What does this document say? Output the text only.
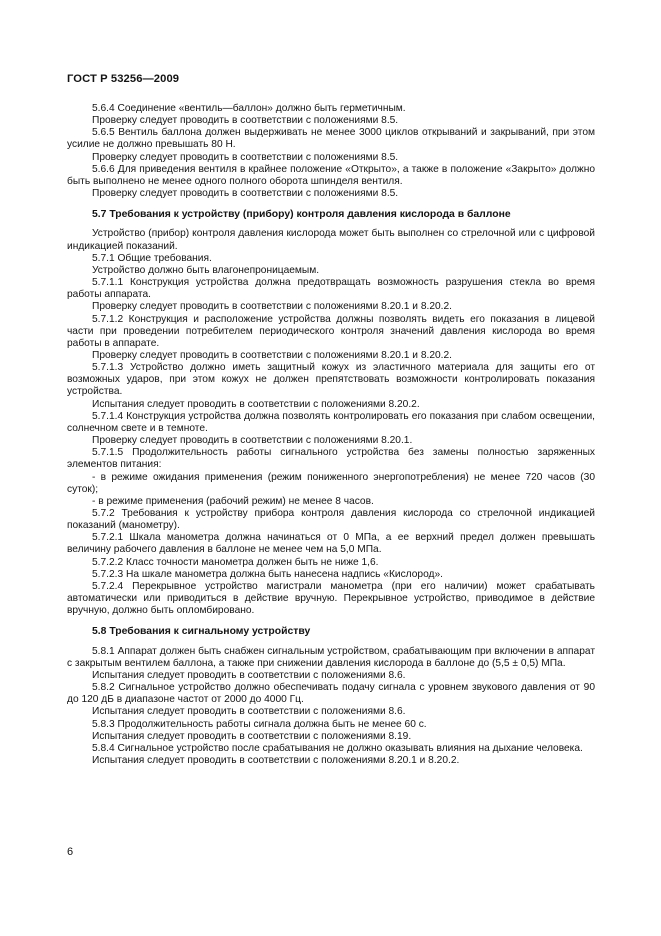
ГОСТ Р 53256—2009

5.6.4 Соединение «вентиль—баллон» должно быть герметичным.

Проверку следует проводить в соответствии с положениями 8.5.

5.6.5 Вентиль баллона должен выдерживать не менее 3000 циклов открываний и закрываний, при этом усилие не должно превышать 80 Н.

Проверку следует проводить в соответствии с положениями 8.5.

5.6.6 Для приведения вентиля в крайнее положение «Открыто», а также в положение «Закрыто» должно быть выполнено не менее одного полного оборота шпинделя вентиля.

Проверку следует проводить в соответствии с положениями 8.5.

5.7 Требования к устройству (прибору) контроля давления кислорода в баллоне

Устройство (прибор) контроля давления кислорода может быть выполнен со стрелочной или с цифровой индикацией показаний.

5.7.1 Общие требования.

Устройство должно быть влагонепроницаемым.

5.7.1.1 Конструкция устройства должна предотвращать возможность разрушения стекла во время работы аппарата.

Проверку следует проводить в соответствии с положениями 8.20.1 и 8.20.2.

5.7.1.2 Конструкция и расположение устройства должны позволять видеть его показания в лицевой части при проведении потребителем периодического контроля значений давления кислорода во время работы в аппарате.

Проверку следует проводить в соответствии с положениями 8.20.1 и 8.20.2.

5.7.1.3 Устройство должно иметь защитный кожух из эластичного материала для защиты его от возможных ударов, при этом кожух не должен препятствовать возможности контролировать показания устройства.

Испытания следует проводить в соответствии с положениями 8.20.2.

5.7.1.4 Конструкция устройства должна позволять контролировать его показания при слабом освещении, солнечном свете и в темноте.

Проверку следует проводить в соответствии с положениями 8.20.1.

5.7.1.5 Продолжительность работы сигнального устройства без замены полностью заряженных элементов питания:

- в режиме ожидания применения (режим пониженного энергопотребления) не менее 720 часов (30 суток);

- в режиме применения (рабочий режим) не менее 8 часов.

5.7.2 Требования к устройству прибора контроля давления кислорода со стрелочной индикацией показаний (манометру).

5.7.2.1 Шкала манометра должна начинаться от 0 МПа, а ее верхний предел должен превышать величину рабочего давления в баллоне не менее чем на 5,0 МПа.

5.7.2.2 Класс точности манометра должен быть не ниже 1,6.

5.7.2.3 На шкале манометра должна быть нанесена надпись «Кислород».

5.7.2.4 Перекрывное устройство магистрали манометра (при его наличии) может срабатывать автоматически или приводиться в действие вручную. Перекрывное устройство, приводимое в действие вручную, должно быть опломбировано.

5.8 Требования к сигнальному устройству

5.8.1 Аппарат должен быть снабжен сигнальным устройством, срабатывающим при включении в аппарат с закрытым вентилем баллона, а также при снижении давления кислорода в баллоне до (5,5 ± 0,5) МПа.

Испытания следует проводить в соответствии с положениями 8.6.

5.8.2 Сигнальное устройство должно обеспечивать подачу сигнала с уровнем звукового давления от 90 до 120 дБ в диапазоне частот от 2000 до 4000 Гц.

Испытания следует проводить в соответствии с положениями 8.6.

5.8.3 Продолжительность работы сигнала должна быть не менее 60 с.

Испытания следует проводить в соответствии с положениями 8.19.

5.8.4 Сигнальное устройство после срабатывания не должно оказывать влияния на дыхание человека.

Испытания следует проводить в соответствии с положениями 8.20.1 и 8.20.2.

6
